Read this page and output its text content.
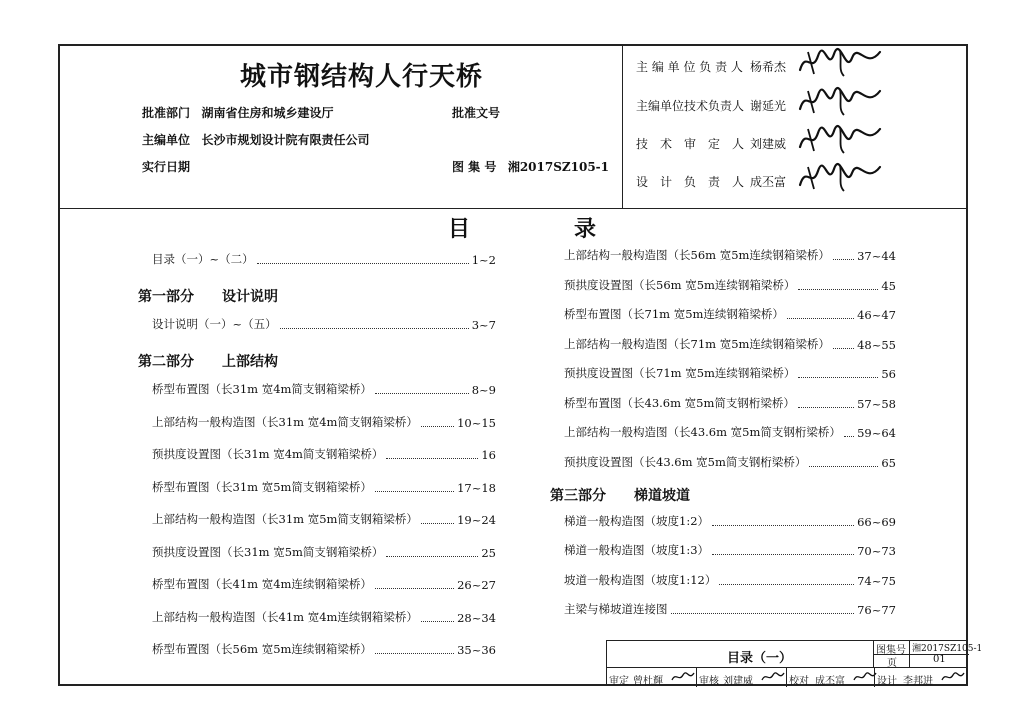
城市钢结构人行天桥
批准部门 湖南省住房和城乡建设厅	批准文号
主编单位 长沙市规划设计院有限责任公司
实行日期	图 集 号 湘2017SZ105-1
主 编 单 位 负 责 人 杨希杰
主编单位技术负责人 谢延光
技　术　审　定　人 刘建威
设　计　负　责　人 成丕富
目	录
目录（一）~（二）	1~2
第一部分 设计说明
设计说明（一）~（五）	3~7
第二部分 上部结构
桥型布置图（长31m 宽4m简支钢箱梁桥）	8~9
上部结构一般构造图（长31m 宽4m简支钢箱梁桥）	10~15
预拱度设置图（长31m 宽4m简支钢箱梁桥）	16
桥型布置图（长31m 宽5m简支钢箱梁桥）	17~18
上部结构一般构造图（长31m 宽5m简支钢箱梁桥）	19~24
预拱度设置图（长31m 宽5m简支钢箱梁桥）	25
桥型布置图（长41m 宽4m连续钢箱梁桥）	26~27
上部结构一般构造图（长41m 宽4m连续钢箱梁桥）	28~34
桥型布置图（长56m 宽5m连续钢箱梁桥）	35~36
上部结构一般构造图（长56m 宽5m连续钢箱梁桥） 37~44
预拱度设置图（长56m 宽5m连续钢箱梁桥）	45
桥型布置图（长71m 宽5m连续钢箱梁桥）	46~47
上部结构一般构造图（长71m 宽5m连续钢箱梁桥） 48~55
预拱度设置图（长71m 宽5m连续钢箱梁桥）	56
桥型布置图（长43.6m 宽5m简支钢桁梁桥）	57~58
上部结构一般构造图（长43.6m 宽5m简支钢桁梁桥） 59~64
预拱度设置图（长43.6m 宽5m简支钢桁梁桥）	65
第三部分 梯道坡道
梯道一般构造图（坡度1:2）	66~69
梯道一般构造图（坡度1:3）	70~73
坡道一般构造图（坡度1:12）	74~75
主梁与梯坡道连接图	76~77
目录（一）
图集号 湘2017SZ105-1
页	01
审定 曾杜輝	审核 刘建威	校对 成丕富	设计 李邦进
